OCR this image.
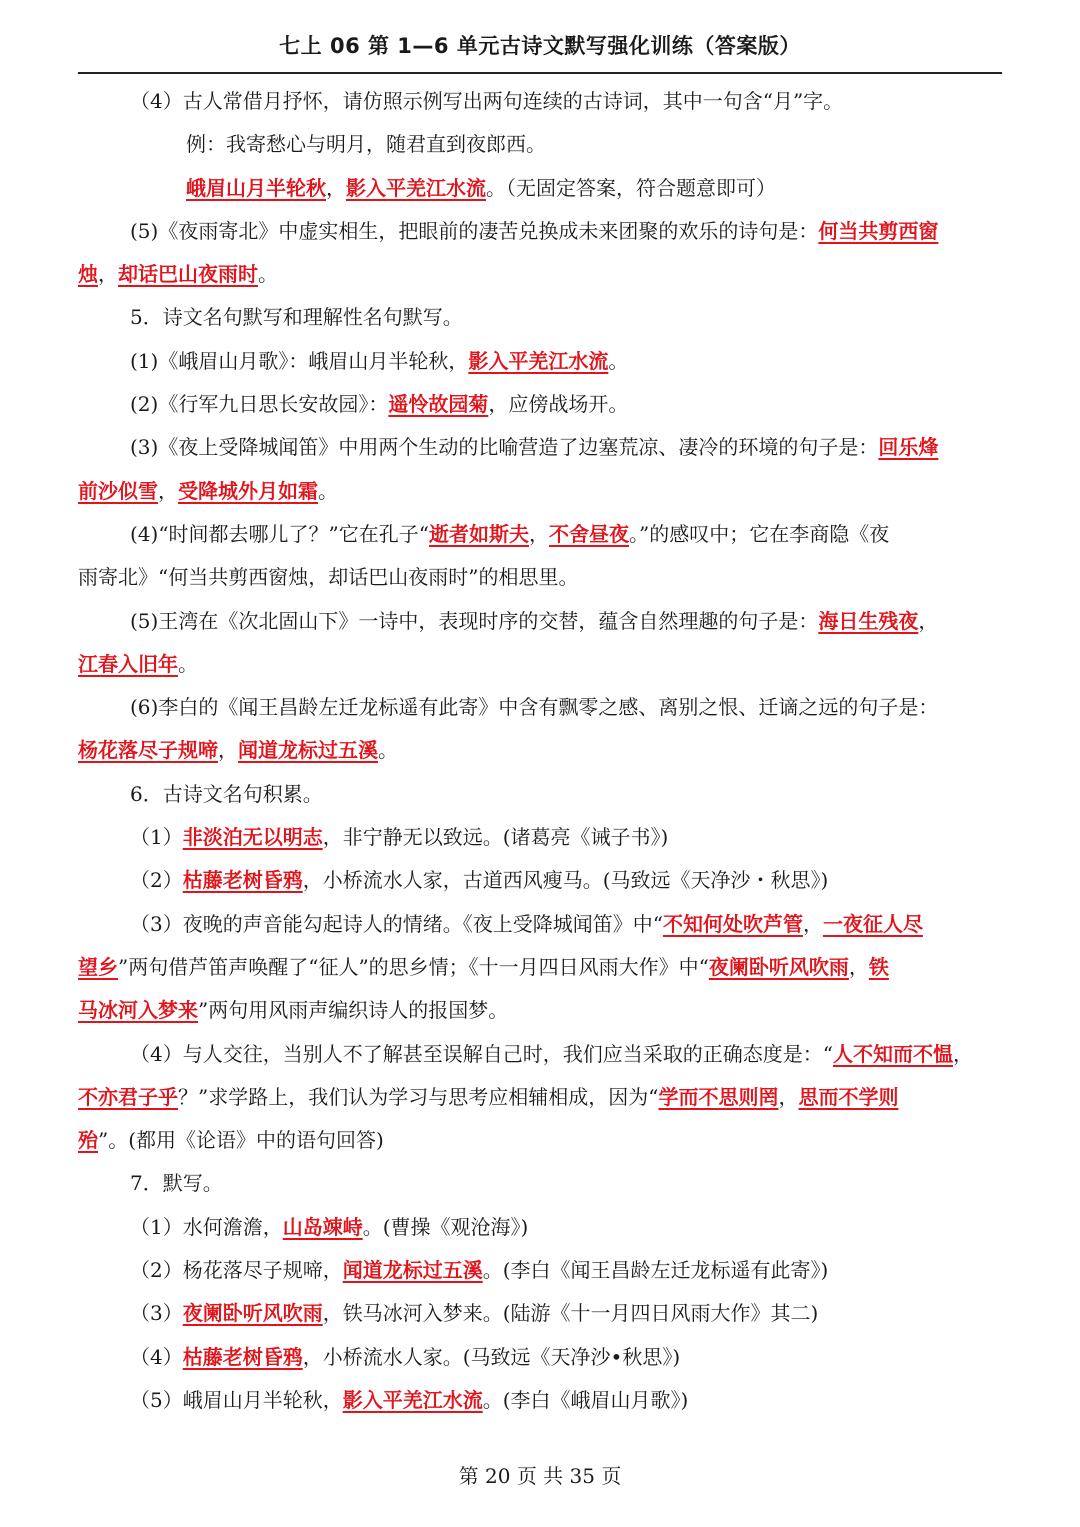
七上 06 第 1—6 单元古诗文默写强化训练（答案版）
（4）古人常借月抒怀，请仿照示例写出两句连续的古诗词，其中一句含“月”字。
例：我寄愁心与明月，随君直到夜郎西。
峨眉山月半轮秋，影入平羌江水流。（无固定答案，符合题意即可）
(5)《夜雨寄北》中虚实相生，把眼前的凄苦兑换成未来团聚的欢乐的诗句是：何当共剪西窗
烛，却话巴山夜雨时。
5．诗文名句默写和理解性名句默写。
(1)《峨眉山月歌》：峨眉山月半轮秋，影入平羌江水流。
(2)《行军九日思长安故园》：遥怜故园菊，应傍战场开。
(3)《夜上受降城闻笛》中用两个生动的比喻营造了边塞荒凉、凄冷的环境的句子是：回乐烽
前沙似雪，受降城外月如霜。
(4)“时间都去哪儿了？”它在孔子“逝者如斯夫，不舍昼夜。”的感叹中；它在李商隐《夜
雨寄北》“何当共剪西窗烛，却话巴山夜雨时”的相思里。
(5)王湾在《次北固山下》一诗中，表现时序的交替，蕴含自然理趣的句子是：海日生残夜，
江春入旧年。
(6)李白的《闻王昌龄左迁龙标遥有此寄》中含有飘零之感、离别之恨、迁谪之远的句子是：
杨花落尽子规啼，闻道龙标过五溪。
6．古诗文名句积累。
（1）非淡泊无以明志，非宁静无以致远。(诸葛亮《诫子书》)
（2）枯藤老树昏鸦，小桥流水人家，古道西风瘦马。(马致远《天净沙・秋思》)
（3）夜晚的声音能勾起诗人的情绪。《夜上受降城闻笛》中“不知何处吹芦管，一夜征人尽
望乡”两句借芦笛声唤醒了“征人”的思乡情；《十一月四日风雨大作》中“夜阑卧听风吹雨，铁
马冰河入梦来”两句用风雨声编织诗人的报国梦。
（4）与人交往，当别人不了解甚至误解自己时，我们应当采取的正确态度是：“人不知而不愠，
不亦君子乎？”求学路上，我们认为学习与思考应相辅相成，因为“学而不思则罔，思而不学则
殆”。(都用《论语》中的语句回答)
7．默写。
（1）水何澹澹，山岛竦峙。(曹操《观沧海》)
（2）杨花落尽子规啼，闻道龙标过五溪。(李白《闻王昌龄左迁龙标遥有此寄》)
（3）夜阑卧听风吹雨，铁马冰河入梦来。(陆游《十一月四日风雨大作》其二)
（4）枯藤老树昏鸦，小桥流水人家。(马致远《天净沙•秋思》)
（5）峨眉山月半轮秋，影入平羌江水流。(李白《峨眉山月歌》)
第 20 页 共 35 页
